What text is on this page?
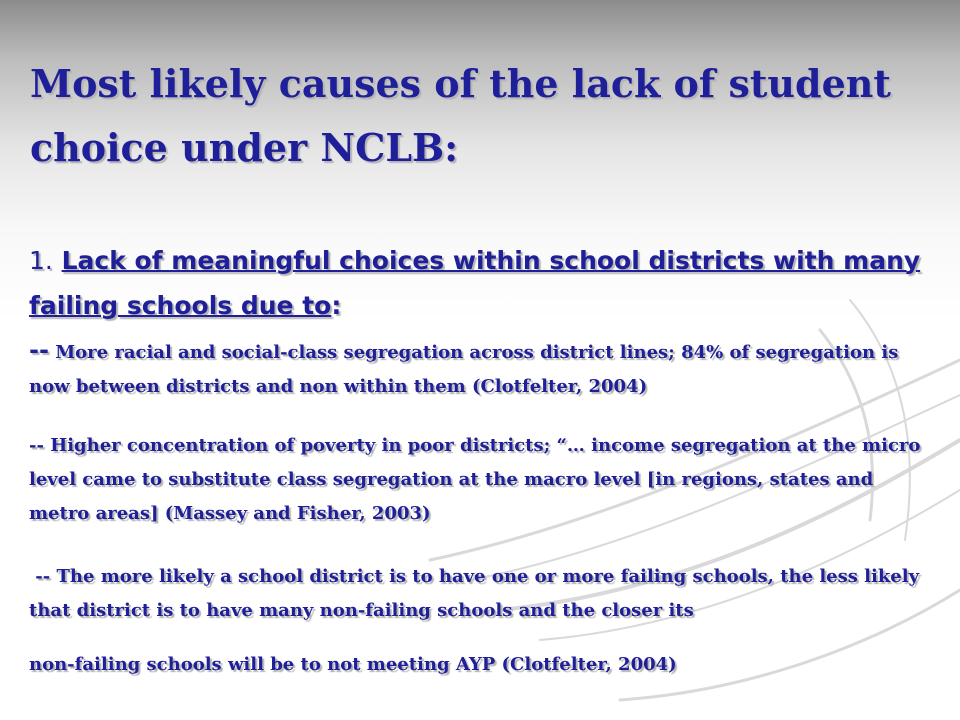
Most likely causes of the lack of student choice under NCLB:
1. Lack of meaningful choices within school districts with many failing schools due to:

-- More racial and social-class segregation across district lines; 84% of segregation is now between districts and non within them (Clotfelter, 2004)

-- Higher concentration of poverty in poor districts; “… income segregation at the micro level came to substitute class segregation at the macro level [in regions, states and metro areas] (Massey and Fisher, 2003)

-- The more likely a school district is to have one or more failing schools, the less likely that district is to have many non-failing schools and the closer its

non-failing schools will be to not meeting AYP (Clotfelter, 2004)
